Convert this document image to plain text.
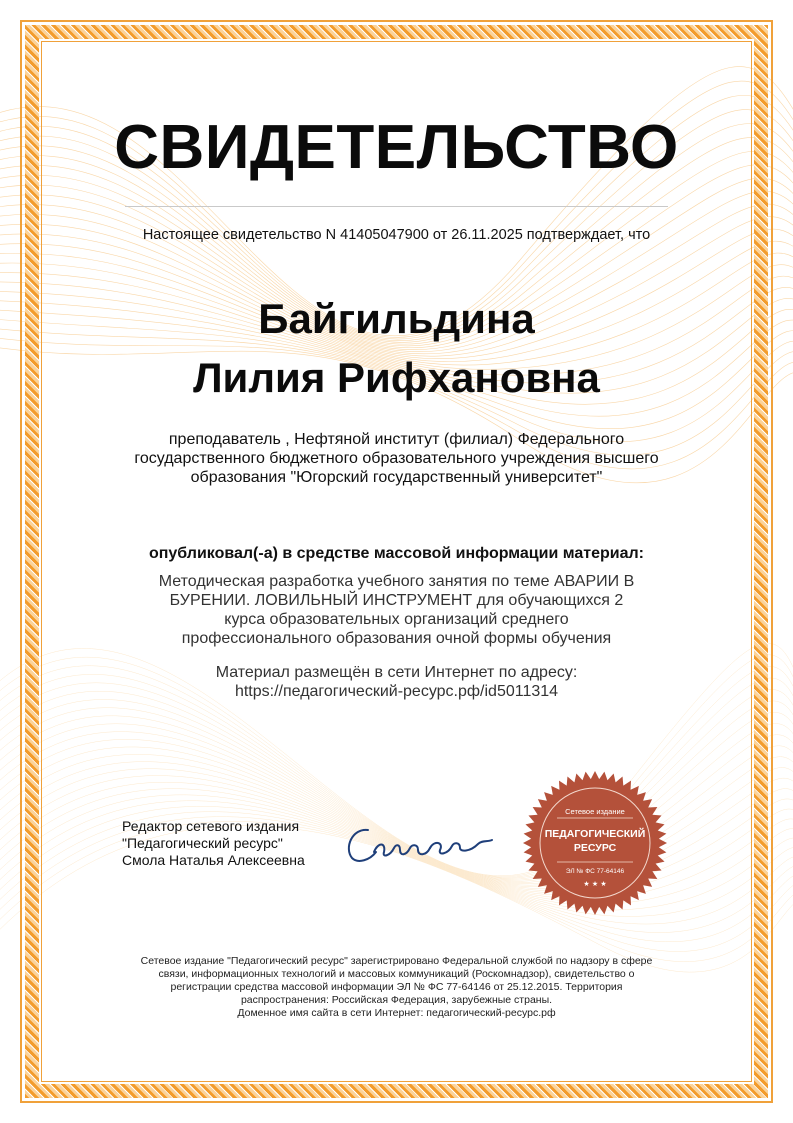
СВИДЕТЕЛЬСТВО
Настоящее свидетельство N 41405047900 от 26.11.2025 подтверждает, что
Байгильдина
Лилия Рифхановна
преподаватель , Нефтяной институт (филиал) Федерального государственного бюджетного образовательного учреждения высшего образования "Югорский государственный университет"
опубликовал(-а) в средстве массовой информации материал:
Методическая разработка учебного занятия по теме АВАРИИ В БУРЕНИИ. ЛОВИЛЬНЫЙ ИНСТРУМЕНТ для обучающихся 2 курса образовательных организаций среднего профессионального образования очной формы обучения
Материал размещён в сети Интернет по адресу:
https://педагогический-ресурс.рф/id5011314
Редактор сетевого издания
"Педагогический ресурс"
Смола Наталья Алексеевна
Сетевое издание
ПЕДАГОГИЧЕСКИЙ
РЕСУРС
ЭЛ № ФС 77-64146
★ ★ ★
Сетевое издание "Педагогический ресурс" зарегистрировано Федеральной службой по надзору в сфере
связи, информационных технологий и массовых коммуникаций (Роскомнадзор), свидетельство о
регистрации средства массовой информации ЭЛ № ФС 77-64146 от 25.12.2015. Территория
распространения: Российская Федерация, зарубежные страны.
Доменное имя сайта в сети Интернет: педагогический-ресурс.рф
